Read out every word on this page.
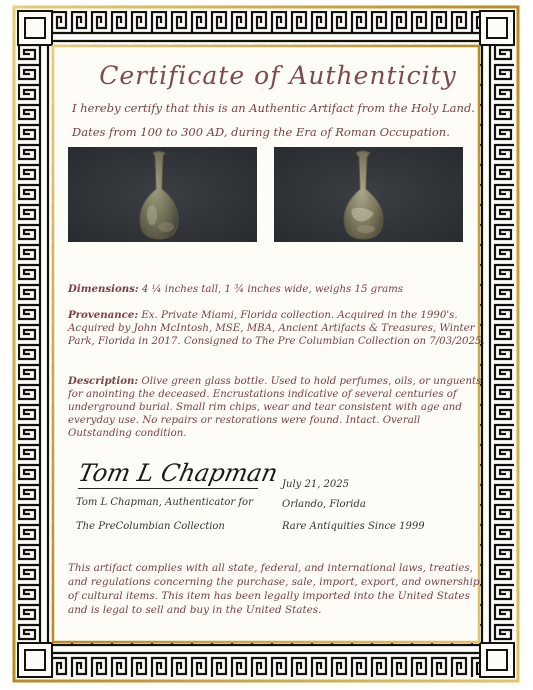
Certificate of Authenticity
I hereby certify that this is an Authentic Artifact from the Holy Land.
Dates from 100 to 300 AD, during the Era of Roman Occupation.
Dimensions: 4 ¼ inches tall, 1 ¾ inches wide, weighs 15 grams
Provenance: Ex. Private Miami, Florida collection. Acquired in the 1990's. Acquired by John McIntosh, MSE, MBA, Ancient Artifacts & Treasures, Winter Park, Florida in 2017. Consigned to The Pre Columbian Collection on 7/03/2025.
Description: Olive green glass bottle. Used to hold perfumes, oils, or unguents for anointing the deceased. Encrustations indicative of several centuries of underground burial. Small rim chips, wear and tear consistent with age and everyday use. No repairs or restorations were found. Intact. Overall Outstanding condition.
Tom L Chapman
Tom L Chapman, Authenticator for
The PreColumbian Collection
July 21, 2025
Orlando, Florida
Rare Antiquities Since 1999
This artifact complies with all state, federal, and international laws, treaties, and regulations concerning the purchase, sale, import, export, and ownership of cultural items. This item has been legally imported into the United States and is legal to sell and buy in the United States.
